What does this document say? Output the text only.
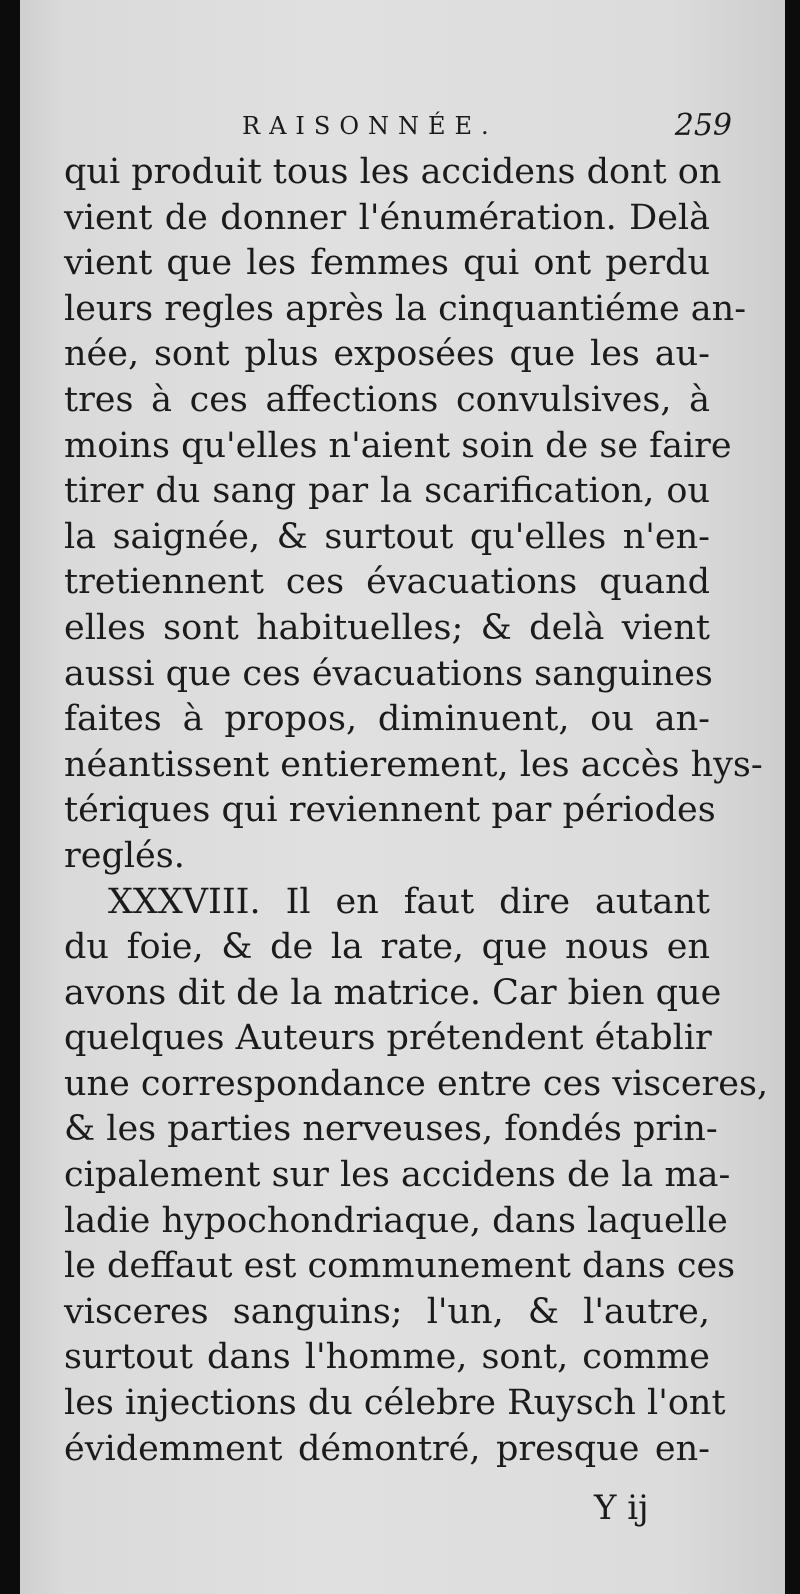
RAISONNÉE.	259
qui produit tous les accidens dont on
vient de donner l'énumération. Delà
vient que les femmes qui ont perdu
leurs regles après la cinquantiéme an-
née, sont plus exposées que les au-
tres à ces affections convulsives, à
moins qu'elles n'aient soin de se faire
tirer du sang par la scarification, ou
la saignée, & surtout qu'elles n'en-
tretiennent ces évacuations quand
elles sont habituelles; & delà vient
aussi que ces évacuations sanguines
faites à propos, diminuent, ou an-
néantissent entierement, les accès hys-
tériques qui reviennent par périodes
reglés.
XXXVIII. Il en faut dire autant
du foie, & de la rate, que nous en
avons dit de la matrice. Car bien que
quelques Auteurs prétendent établir
une correspondance entre ces visceres,
& les parties nerveuses, fondés prin-
cipalement sur les accidens de la ma-
ladie hypochondriaque, dans laquelle
le deffaut est communement dans ces
visceres sanguins; l'un, & l'autre,
surtout dans l'homme, sont, comme
les injections du célebre Ruysch l'ont
évidemment démontré, presque en-
Y ij
